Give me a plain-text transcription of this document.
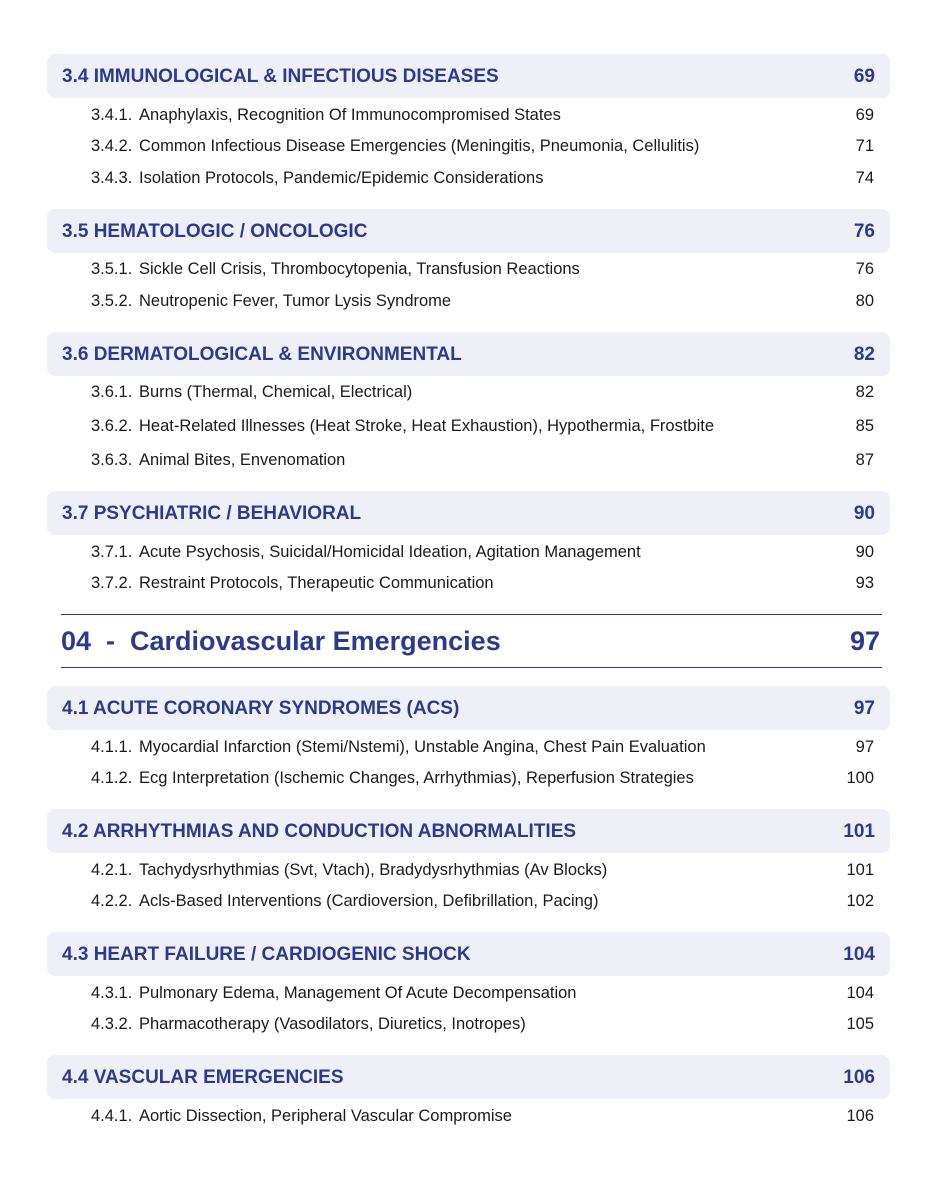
3.4 IMMUNOLOGICAL & INFECTIOUS DISEASES	69
3.4.1. Anaphylaxis, Recognition Of Immunocompromised States	69
3.4.2. Common Infectious Disease Emergencies (Meningitis, Pneumonia, Cellulitis)	71
3.4.3. Isolation Protocols, Pandemic/Epidemic Considerations	74
3.5 HEMATOLOGIC / ONCOLOGIC	76
3.5.1. Sickle Cell Crisis, Thrombocytopenia, Transfusion Reactions	76
3.5.2. Neutropenic Fever, Tumor Lysis Syndrome	80
3.6 DERMATOLOGICAL & ENVIRONMENTAL	82
3.6.1. Burns (Thermal, Chemical, Electrical)	82
3.6.2. Heat-Related Illnesses (Heat Stroke, Heat Exhaustion), Hypothermia, Frostbite	85
3.6.3. Animal Bites, Envenomation	87
3.7 PSYCHIATRIC / BEHAVIORAL	90
3.7.1. Acute Psychosis, Suicidal/Homicidal Ideation, Agitation Management	90
3.7.2. Restraint Protocols, Therapeutic Communication	93
04  -  Cardiovascular Emergencies	97
4.1 ACUTE CORONARY SYNDROMES (ACS)	97
4.1.1. Myocardial Infarction (Stemi/Nstemi), Unstable Angina, Chest Pain Evaluation	97
4.1.2. Ecg Interpretation (Ischemic Changes, Arrhythmias), Reperfusion Strategies	100
4.2 ARRHYTHMIAS AND CONDUCTION ABNORMALITIES	101
4.2.1. Tachydysrhythmias (Svt, Vtach), Bradydysrhythmias (Av Blocks)	101
4.2.2. Acls-Based Interventions (Cardioversion, Defibrillation, Pacing)	102
4.3 HEART FAILURE / CARDIOGENIC SHOCK	104
4.3.1. Pulmonary Edema, Management Of Acute Decompensation	104
4.3.2. Pharmacotherapy (Vasodilators, Diuretics, Inotropes)	105
4.4 VASCULAR EMERGENCIES	106
4.4.1. Aortic Dissection, Peripheral Vascular Compromise	106
